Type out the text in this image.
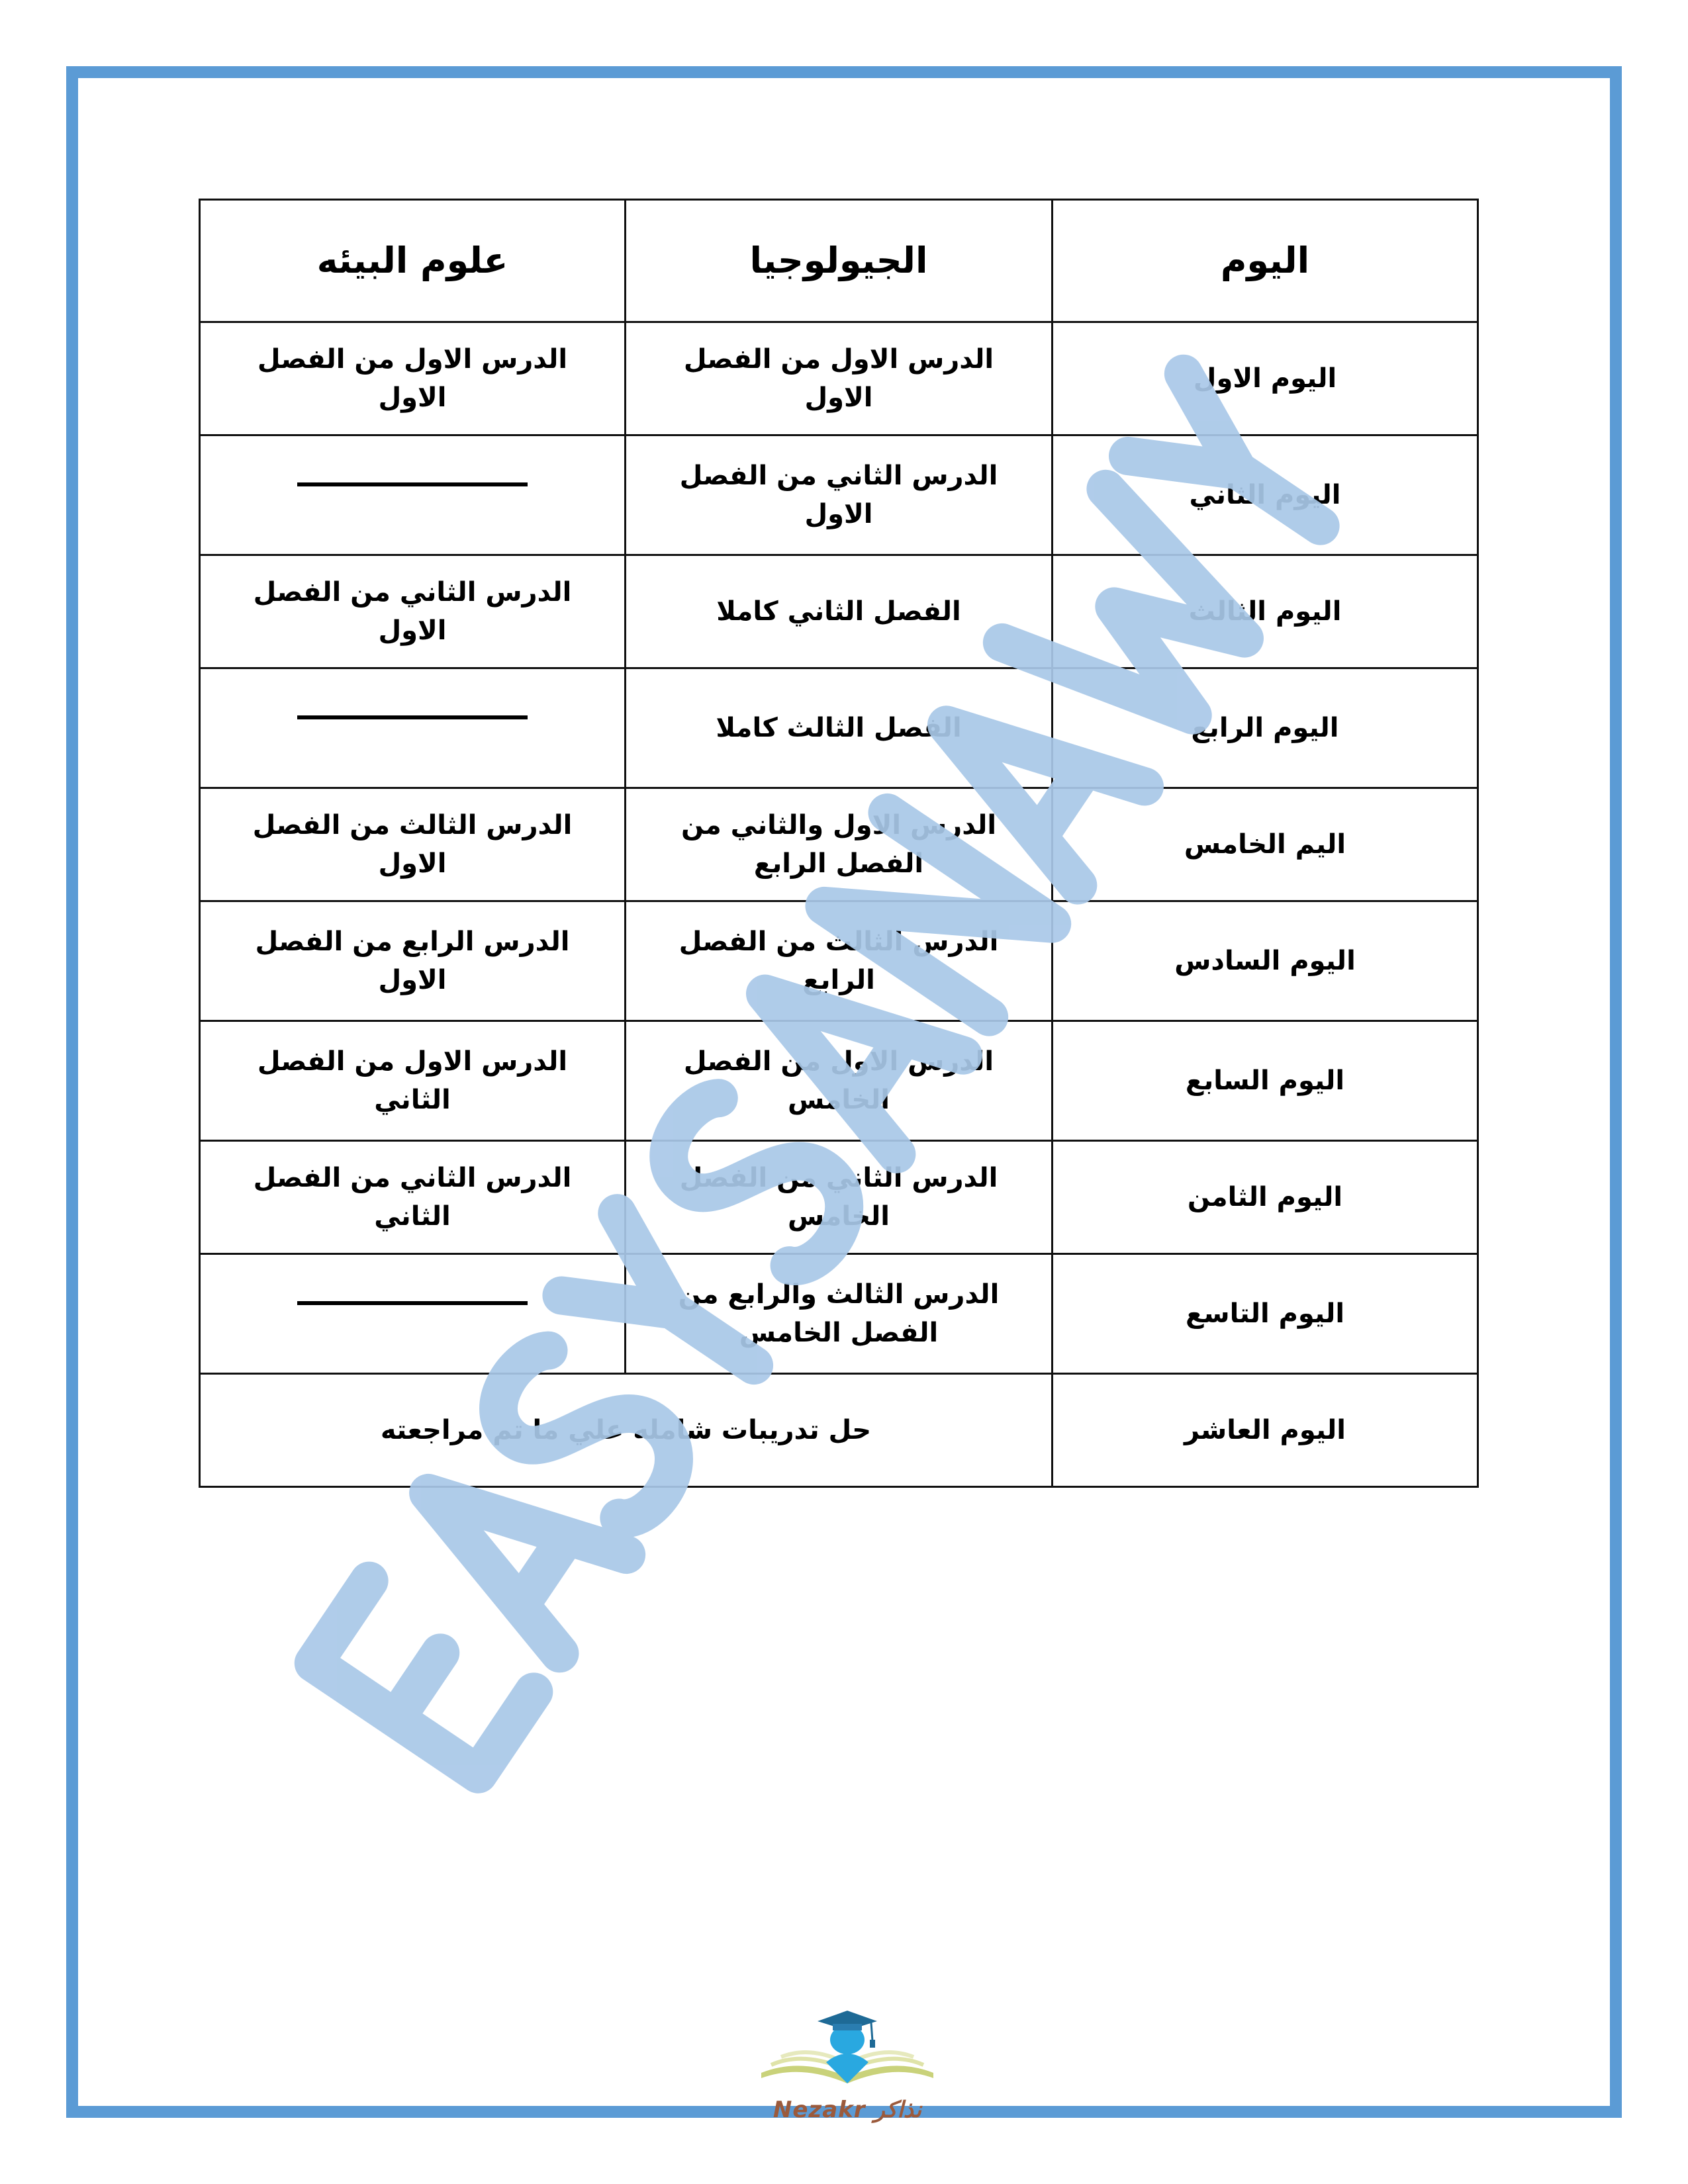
اليوم	الجيولوجيا	علوم البيئه
اليوم الاول	الدرس الاول من الفصل الاول	الدرس الاول من الفصل الاول
اليوم الثاني	الدرس الثاني من الفصل الاول	
اليوم الثالث	الفصل الثاني كاملا	الدرس الثاني من الفصل الاول
اليوم الرابع	الفصل الثالث كاملا	
اليم الخامس	الدرس الاول والثاني من الفصل الرابع	الدرس الثالث من الفصل الاول
اليوم السادس	الدرس الثالث من الفصل الرابع	الدرس الرابع من الفصل الاول
اليوم السابع	الدرس الاول من الفصل الخامس	الدرس الاول من الفصل الثاني
اليوم الثامن	الدرس الثاني من الفصل الخامس	الدرس الثاني من الفصل الثاني
اليوم التاسع	الدرس الثالث والرابع من الفصل الخامس	
اليوم العاشر	حل تدريبات شامله علي ما تم مراجعته	
Nezakr نذاكر
